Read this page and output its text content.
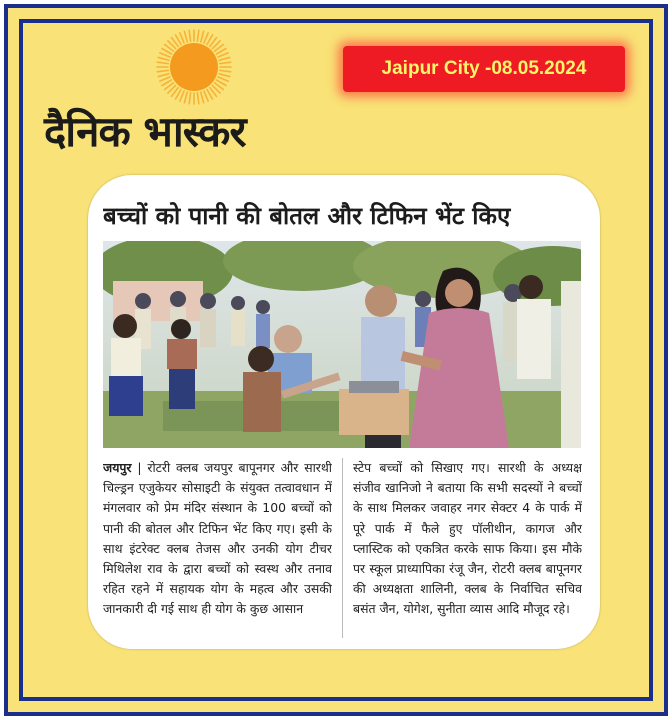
Jaipur City -08.05.2024
दैनिक भास्कर
बच्चों को पानी की बोतल और टिफिन भेंट किए
जयपुर | रोटरी क्लब जयपुर बापूनगर और सारथी चिल्ड्रन एजुकेयर सोसाइटी के संयुक्त तत्वावधान में मंगलवार को प्रेम मंदिर संस्थान के 100 बच्चों को पानी की बोतल और टिफिन भेंट किए गए। इसी के साथ इंटरेक्ट क्लब तेजस और उनकी योग टीचर मिथिलेश राव के द्वारा बच्चों को स्वस्थ और तनाव रहित रहने में सहायक योग के महत्व और उसकी जानकारी दी गई साथ ही योग के कुछ आसान
स्टेप बच्चों को सिखाए गए। सारथी के अध्यक्ष संजीव खानिजो ने बताया कि सभी सदस्यों ने बच्चों के साथ मिलकर जवाहर नगर सेक्टर 4 के पार्क में पूरे पार्क में फैले हुए पॉलीथीन, कागज और प्लास्टिक को एकत्रित करके साफ किया। इस मौके पर स्कूल प्राध्यापिका रंजू जैन, रोटरी क्लब बापूनगर की अध्यक्षता शालिनी, क्लब के निर्वाचित सचिव बसंत जैन, योगेश, सुनीता व्यास आदि मौजूद रहे।
